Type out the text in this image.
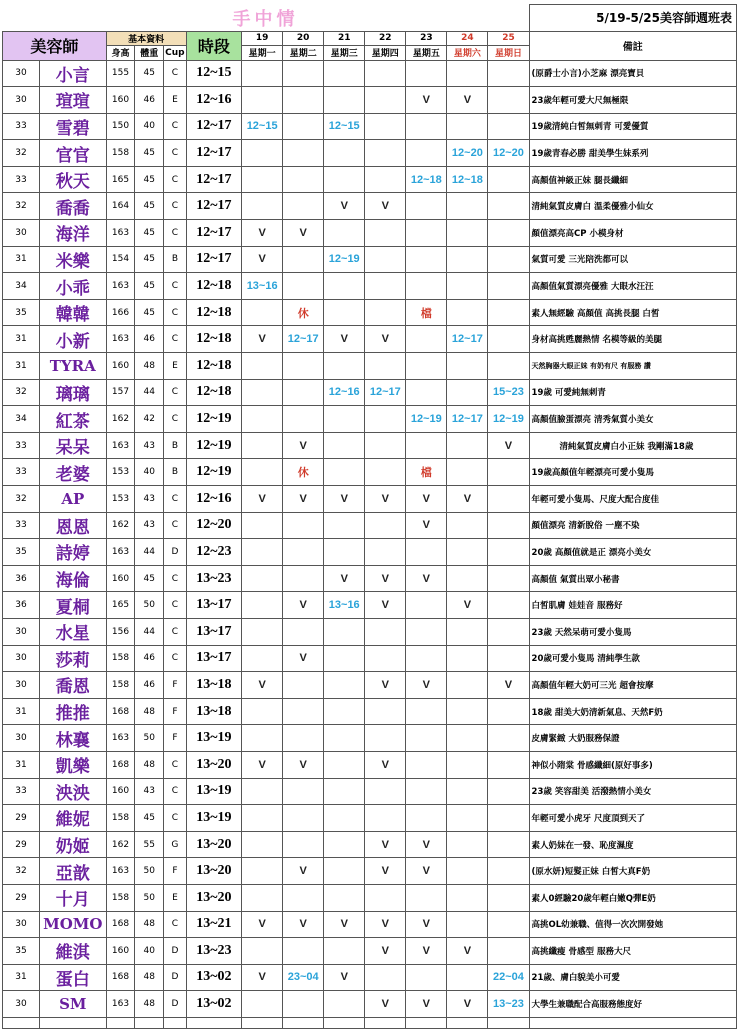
手中情													5/19-5/25美容師週班表
美容師		基本資料			時段	19	20	21	22	23	24	25	備註
		身高	體重	Cup		星期一	星期二	星期三	星期四	星期五	星期六	星期日	
30	小言	155	45	C	12~15								(原爵士小言)小芝麻 漂亮寶貝
30	瑄瑄	160	46	E	12~16					V	V		23歲年輕可愛大尺無極限
33	雪碧	150	40	C	12~17	12~15		12~15					19歲清純白皙無刺青 可愛優質
32	官官	158	45	C	12~17						12~20	12~20	19歲青春必勝 甜美學生妹系列
33	秋天	165	45	C	12~17					12~18	12~18		高顏值神級正妹 腿長纖細
32	喬喬	164	45	C	12~17			V	V				清純氣質皮膚白 溫柔優雅小仙女
30	海洋	163	45	C	12~17	V	V						顏值漂亮高CP 小模身材
31	米樂	154	45	B	12~17	V		12~19					氣質可愛 三光陪洗都可以
34	小乖	163	45	C	12~18	13~16							高顏值氣質漂亮優雅 大眼水汪汪
35	韓韓	166	45	C	12~18		休			檔			素人無經驗 高顏值 高挑長腿 白皙
31	小新	163	46	C	12~18	V	12~17	V	V		12~17		身材高挑甦麗熱情 名模等級的美腿
31	TYRA	160	48	E	12~18								天然胸器大眼正妹 有奶有尺 有服務 讚
32	璃璃	157	44	C	12~18			12~16	12~17			15~23	19歲 可愛純無刺青
34	紅茶	162	42	C	12~19					12~19	12~17	12~19	高顏值臉蛋漂亮 清秀氣質小美女
33	呆呆	163	43	B	12~19		V					V	清純氣質皮膚白小正妹 我剛滿18歲
33	老婆	153	40	B	12~19		休			檔			19歲高顏值年輕漂亮可愛小隻馬
32	AP	153	43	C	12~16	V	V	V	V	V	V		年輕可愛小隻馬、尺度大配合度佳
33	恩恩	162	43	C	12~20					V			顏值漂亮 清新脫俗 一塵不染
35	詩婷	163	44	D	12~23								20歲 高顏值就是正 漂亮小美女
36	海倫	160	45	C	13~23			V	V	V			高顏值 氣質出眾小秘書
36	夏桐	165	50	C	13~17		V	13~16	V		V		白皙肌膚 娃娃音 服務好
30	水星	156	44	C	13~17								23歲 天然呆萌可愛小隻馬
30	莎莉	158	46	C	13~17		V						20歲可愛小隻馬 清純學生款
30	喬恩	158	46	F	13~18	V			V	V		V	高顏值年輕大奶可三光 超會按摩
31	推推	168	48	F	13~18								18歲 甜美大奶清新氣息、天然F奶
30	林襄	163	50	F	13~19								皮膚緊緻 大奶服務保證
31	凱樂	168	48	C	13~20	V	V		V				神似小隋棠 骨感纖細(原好事多)
33	泱泱	160	43	C	13~19								23歲 笑容甜美 活潑熱情小美女
29	維妮	158	45	C	13~19								年輕可愛小虎牙 尺度頂到天了
29	奶姬	162	55	G	13~20				V	V			素人奶妹在一發、恥度濕度
32	亞歆	163	50	F	13~20		V		V	V			(原水妍)短髮正妹 白皙大真F奶
29	十月	158	50	E	13~20								素人0經驗20歲年輕白嫩Q彈E奶
30	MOMO	168	48	C	13~21	V	V	V	V	V			高挑OL幼兼職、值得一次次開發她
35	維淇	160	40	D	13~23				V	V	V		高挑纖瘦 骨感型 服務大尺
31	蛋白	168	48	D	13~02	V	23~04	V				22~04	21歲、膚白貌美小可愛
30	SM	163	48	D	13~02				V	V	V	13~23	大學生兼職配合高服務態度好
